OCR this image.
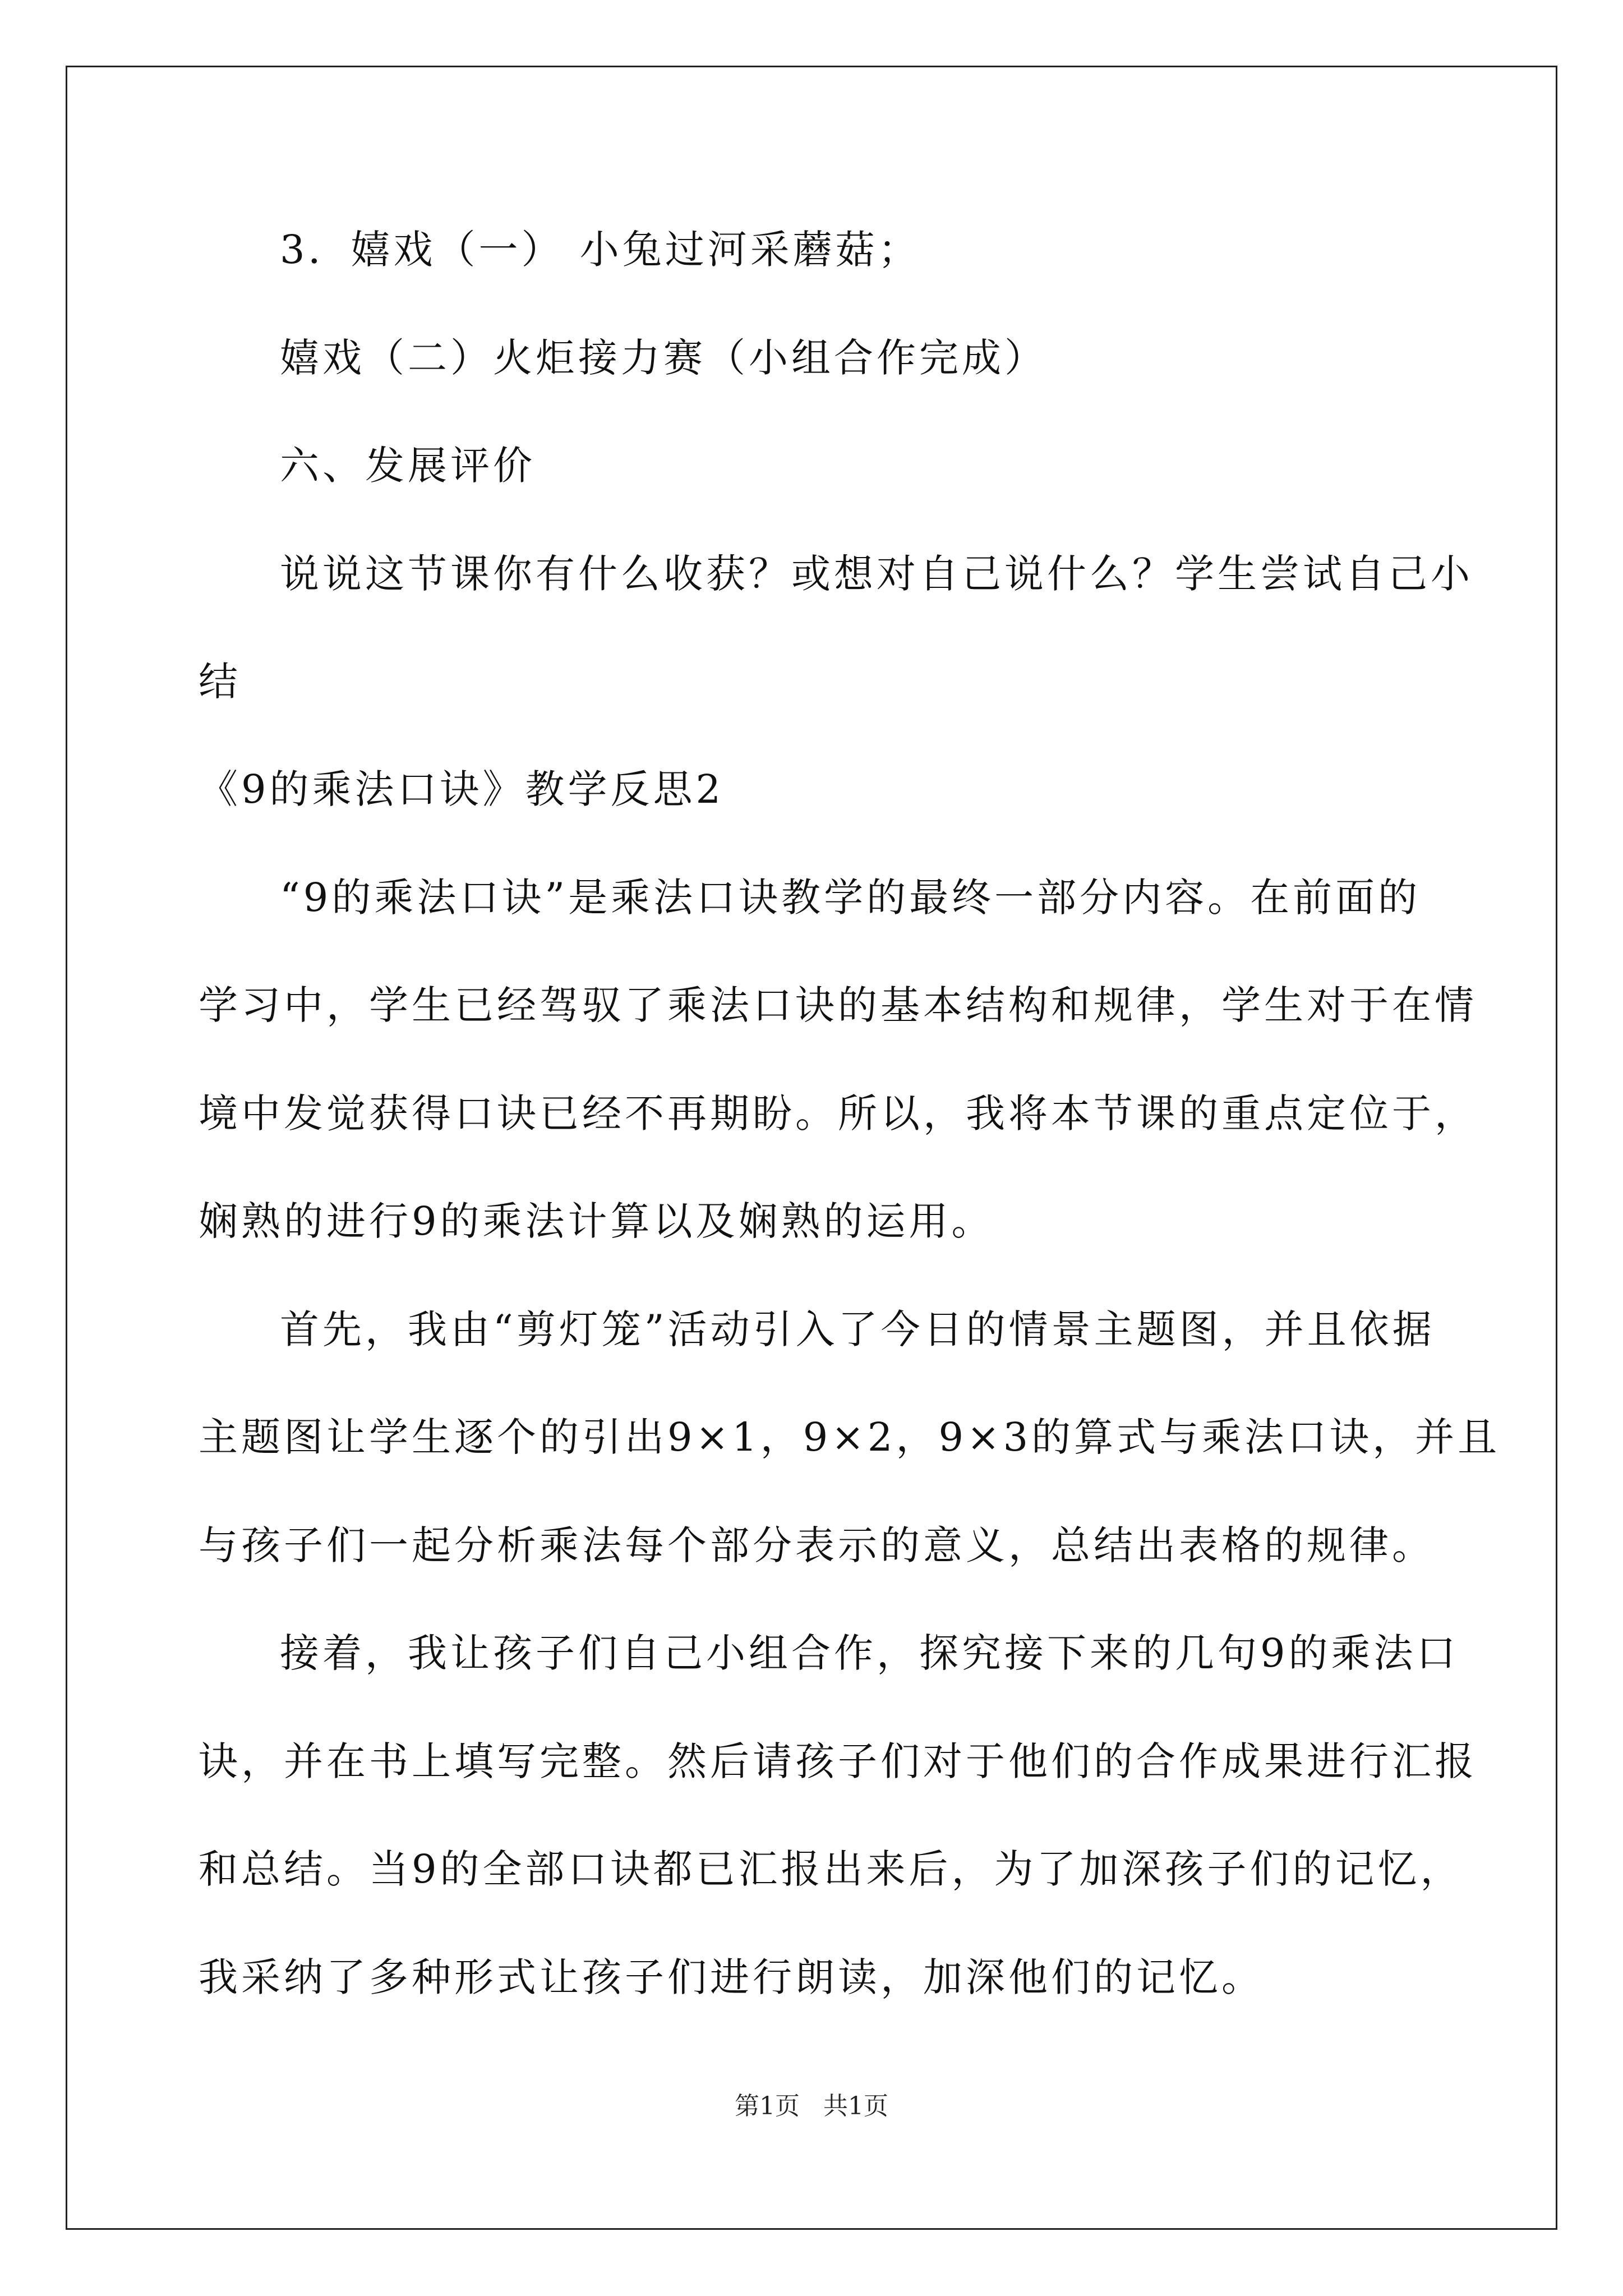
3．嬉戏（一） 小兔过河采蘑菇；
嬉戏（二）火炬接力赛（小组合作完成）
六、发展评价
说说这节课你有什么收获？或想对自己说什么？学生尝试自己小
结
《9的乘法口诀》教学反思2
“9的乘法口诀”是乘法口诀教学的最终一部分内容。在前面的
学习中，学生已经驾驭了乘法口诀的基本结构和规律，学生对于在情
境中发觉获得口诀已经不再期盼。所以，我将本节课的重点定位于，
娴熟的进行9的乘法计算以及娴熟的运用。
首先，我由“剪灯笼”活动引入了今日的情景主题图，并且依据
主题图让学生逐个的引出9×1，9×2，9×3的算式与乘法口诀，并且
与孩子们一起分析乘法每个部分表示的意义，总结出表格的规律。
接着，我让孩子们自己小组合作，探究接下来的几句9的乘法口
诀，并在书上填写完整。然后请孩子们对于他们的合作成果进行汇报
和总结。当9的全部口诀都已汇报出来后，为了加深孩子们的记忆，
我采纳了多种形式让孩子们进行朗读，加深他们的记忆。
第1页   共1页
